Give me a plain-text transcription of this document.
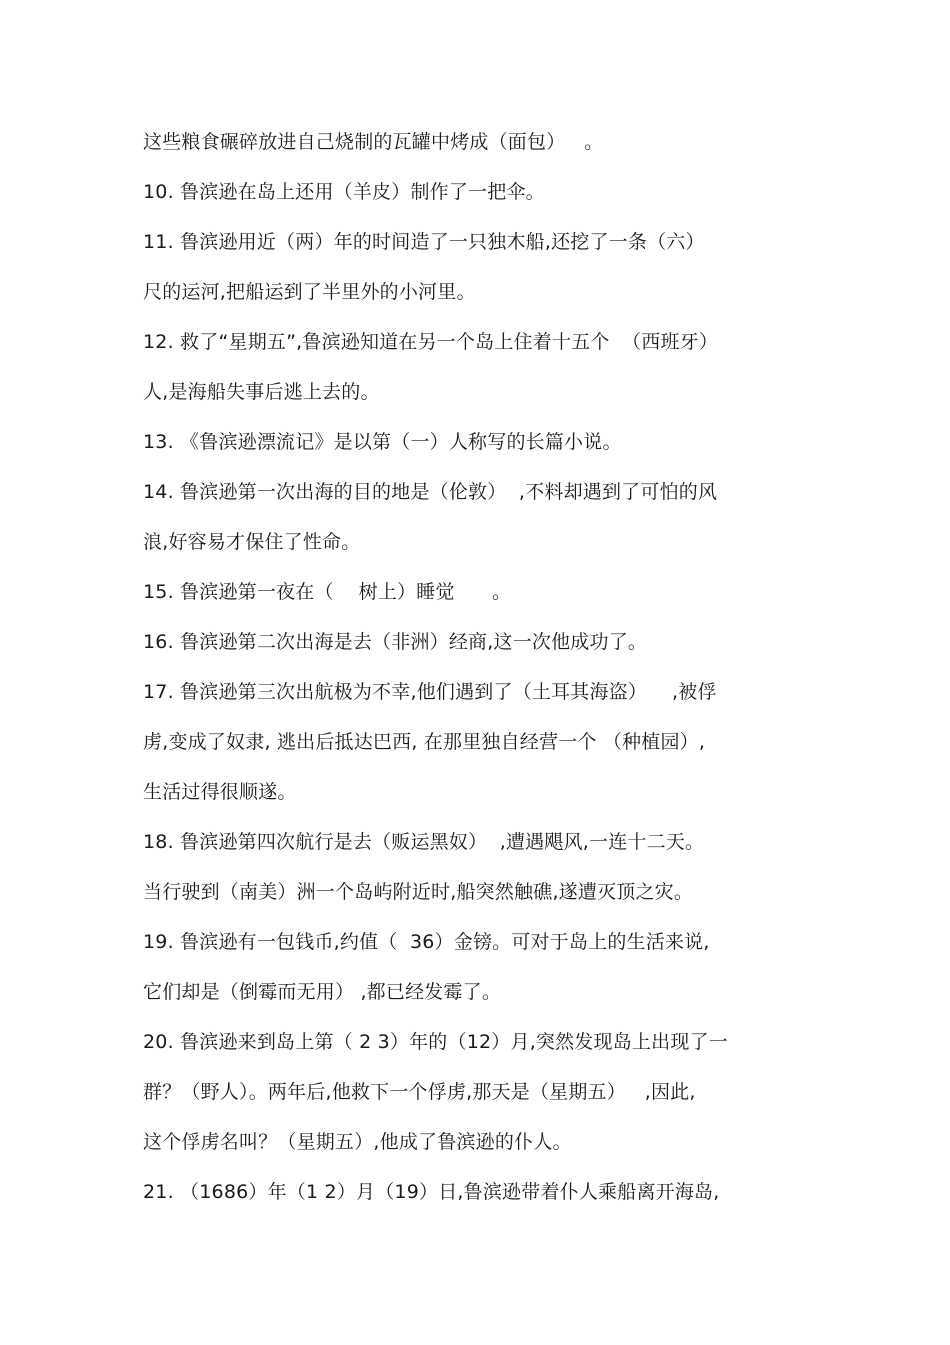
这些粮食碾碎放进自己烧制的瓦罐中烤成（面包）   。
10. 鲁滨逊在岛上还用（羊皮）制作了一把伞。
11. 鲁滨逊用近（两）年的时间造了一只独木船,还挖了一条（六）
尺的运河,把船运到了半里外的小河里。
12. 救了“星期五”,鲁滨逊知道在另一个岛上住着十五个  （西班牙）
人,是海船失事后逃上去的。
13. 《鲁滨逊漂流记》是以第（一）人称写的长篇小说。
14. 鲁滨逊第一次出海的目的地是（伦敦）  ,不料却遇到了可怕的风
浪,好容易才保住了性命。
15. 鲁滨逊第一夜在（    树上）睡觉      。
16. 鲁滨逊第二次出海是去（非洲）经商,这一次他成功了。
17. 鲁滨逊第三次出航极为不幸,他们遇到了（土耳其海盗）    ,被俘
虏,变成了奴隶, 逃出后抵达巴西, 在那里独自经营一个 （种植园）,
生活过得很顺遂。
18. 鲁滨逊第四次航行是去（贩运黑奴）  ,遭遇飓风,一连十二天。
当行驶到（南美）洲一个岛屿附近时,船突然触礁,遂遭灭顶之灾。
19. 鲁滨逊有一包钱币,约值（  36）金镑。可对于岛上的生活来说,
它们却是（倒霉而无用） ,都已经发霉了。
20. 鲁滨逊来到岛上第（ 2 3）年的（12）月,突然发现岛上出现了一
群？（野人）。两年后,他救下一个俘虏,那天是（星期五）   ,因此,
这个俘虏名叫？（星期五）,他成了鲁滨逊的仆人。
21. （1686）年（1 2）月（19）日,鲁滨逊带着仆人乘船离开海岛,
